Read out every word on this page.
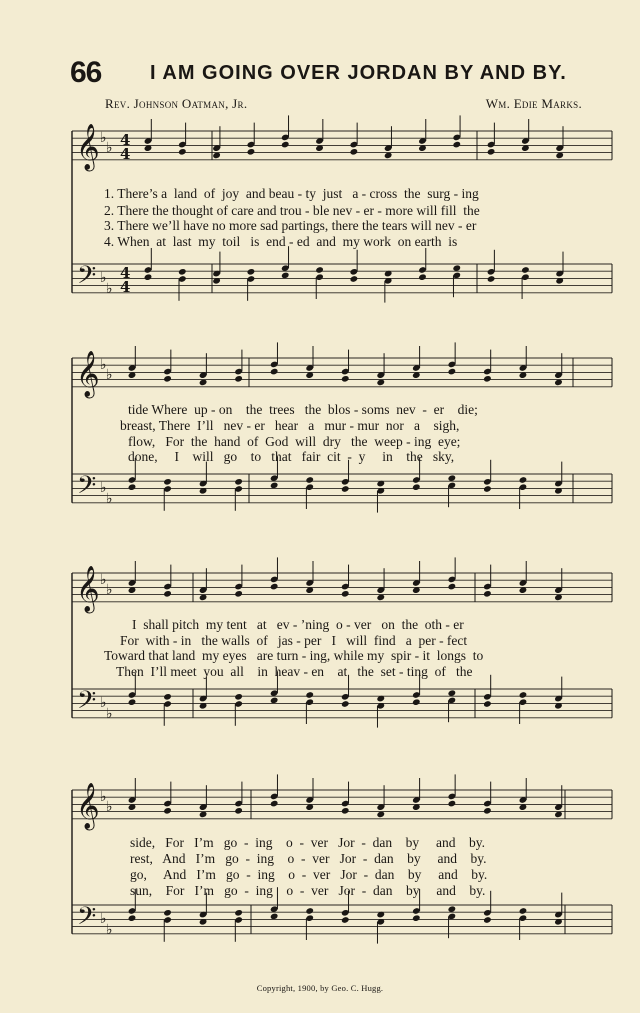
66 I AM GOING OVER JORDAN BY AND BY.
Rev. Johnson Oatman, Jr.	Wm. Edie Marks.
𝄞
𝄢
♭
♭
♭
♭
4
4
4
4
𝄞
𝄢
♭
♭
♭
♭
𝄞
𝄢
♭
♭
♭
♭
𝄞
𝄢
♭
♭
♭
♭
1. There’s a  land  of  joy  and beau - ty  just   a - cross  the  surg - ing
2. There the thought of care and trou - ble nev - er - more will fill  the
3. There we’ll have no more sad partings, there the tears will nev - er
4. When  at  last  my  toil   is  end - ed  and  my work  on earth  is
tide Where  up - on    the  trees   the  blos - soms  nev  -  er    die;
breast, There  I’ll   nev - er   hear   a   mur - mur  nor   a    sigh,
flow,   For  the  hand  of  God  will  dry   the  weep - ing  eye;
done,     I    will   go    to   that   fair  cit  -  y     in    the   sky,
I  shall pitch  my tent   at   ev - ’ning  o - ver   on  the  oth - er
For  with - in   the walls  of   jas - per   I   will  find   a  per - fect
Toward that land  my eyes   are turn - ing, while my  spir - it  longs  to
Then  I’ll meet  you  all    in  heav - en    at   the  set - ting  of   the
side,   For   I’m   go  -  ing    o  -  ver   Jor  -  dan    by     and    by.
rest,   And   I’m   go  -  ing    o  -  ver   Jor  -  dan    by     and    by.
go,     And   I’m   go  -  ing    o  -  ver   Jor  -  dan    by     and    by.
sun,    For   I’m   go  -  ing    o  -  ver   Jor  -  dan    by     and    by.
Copyright, 1900, by Geo. C. Hugg.
